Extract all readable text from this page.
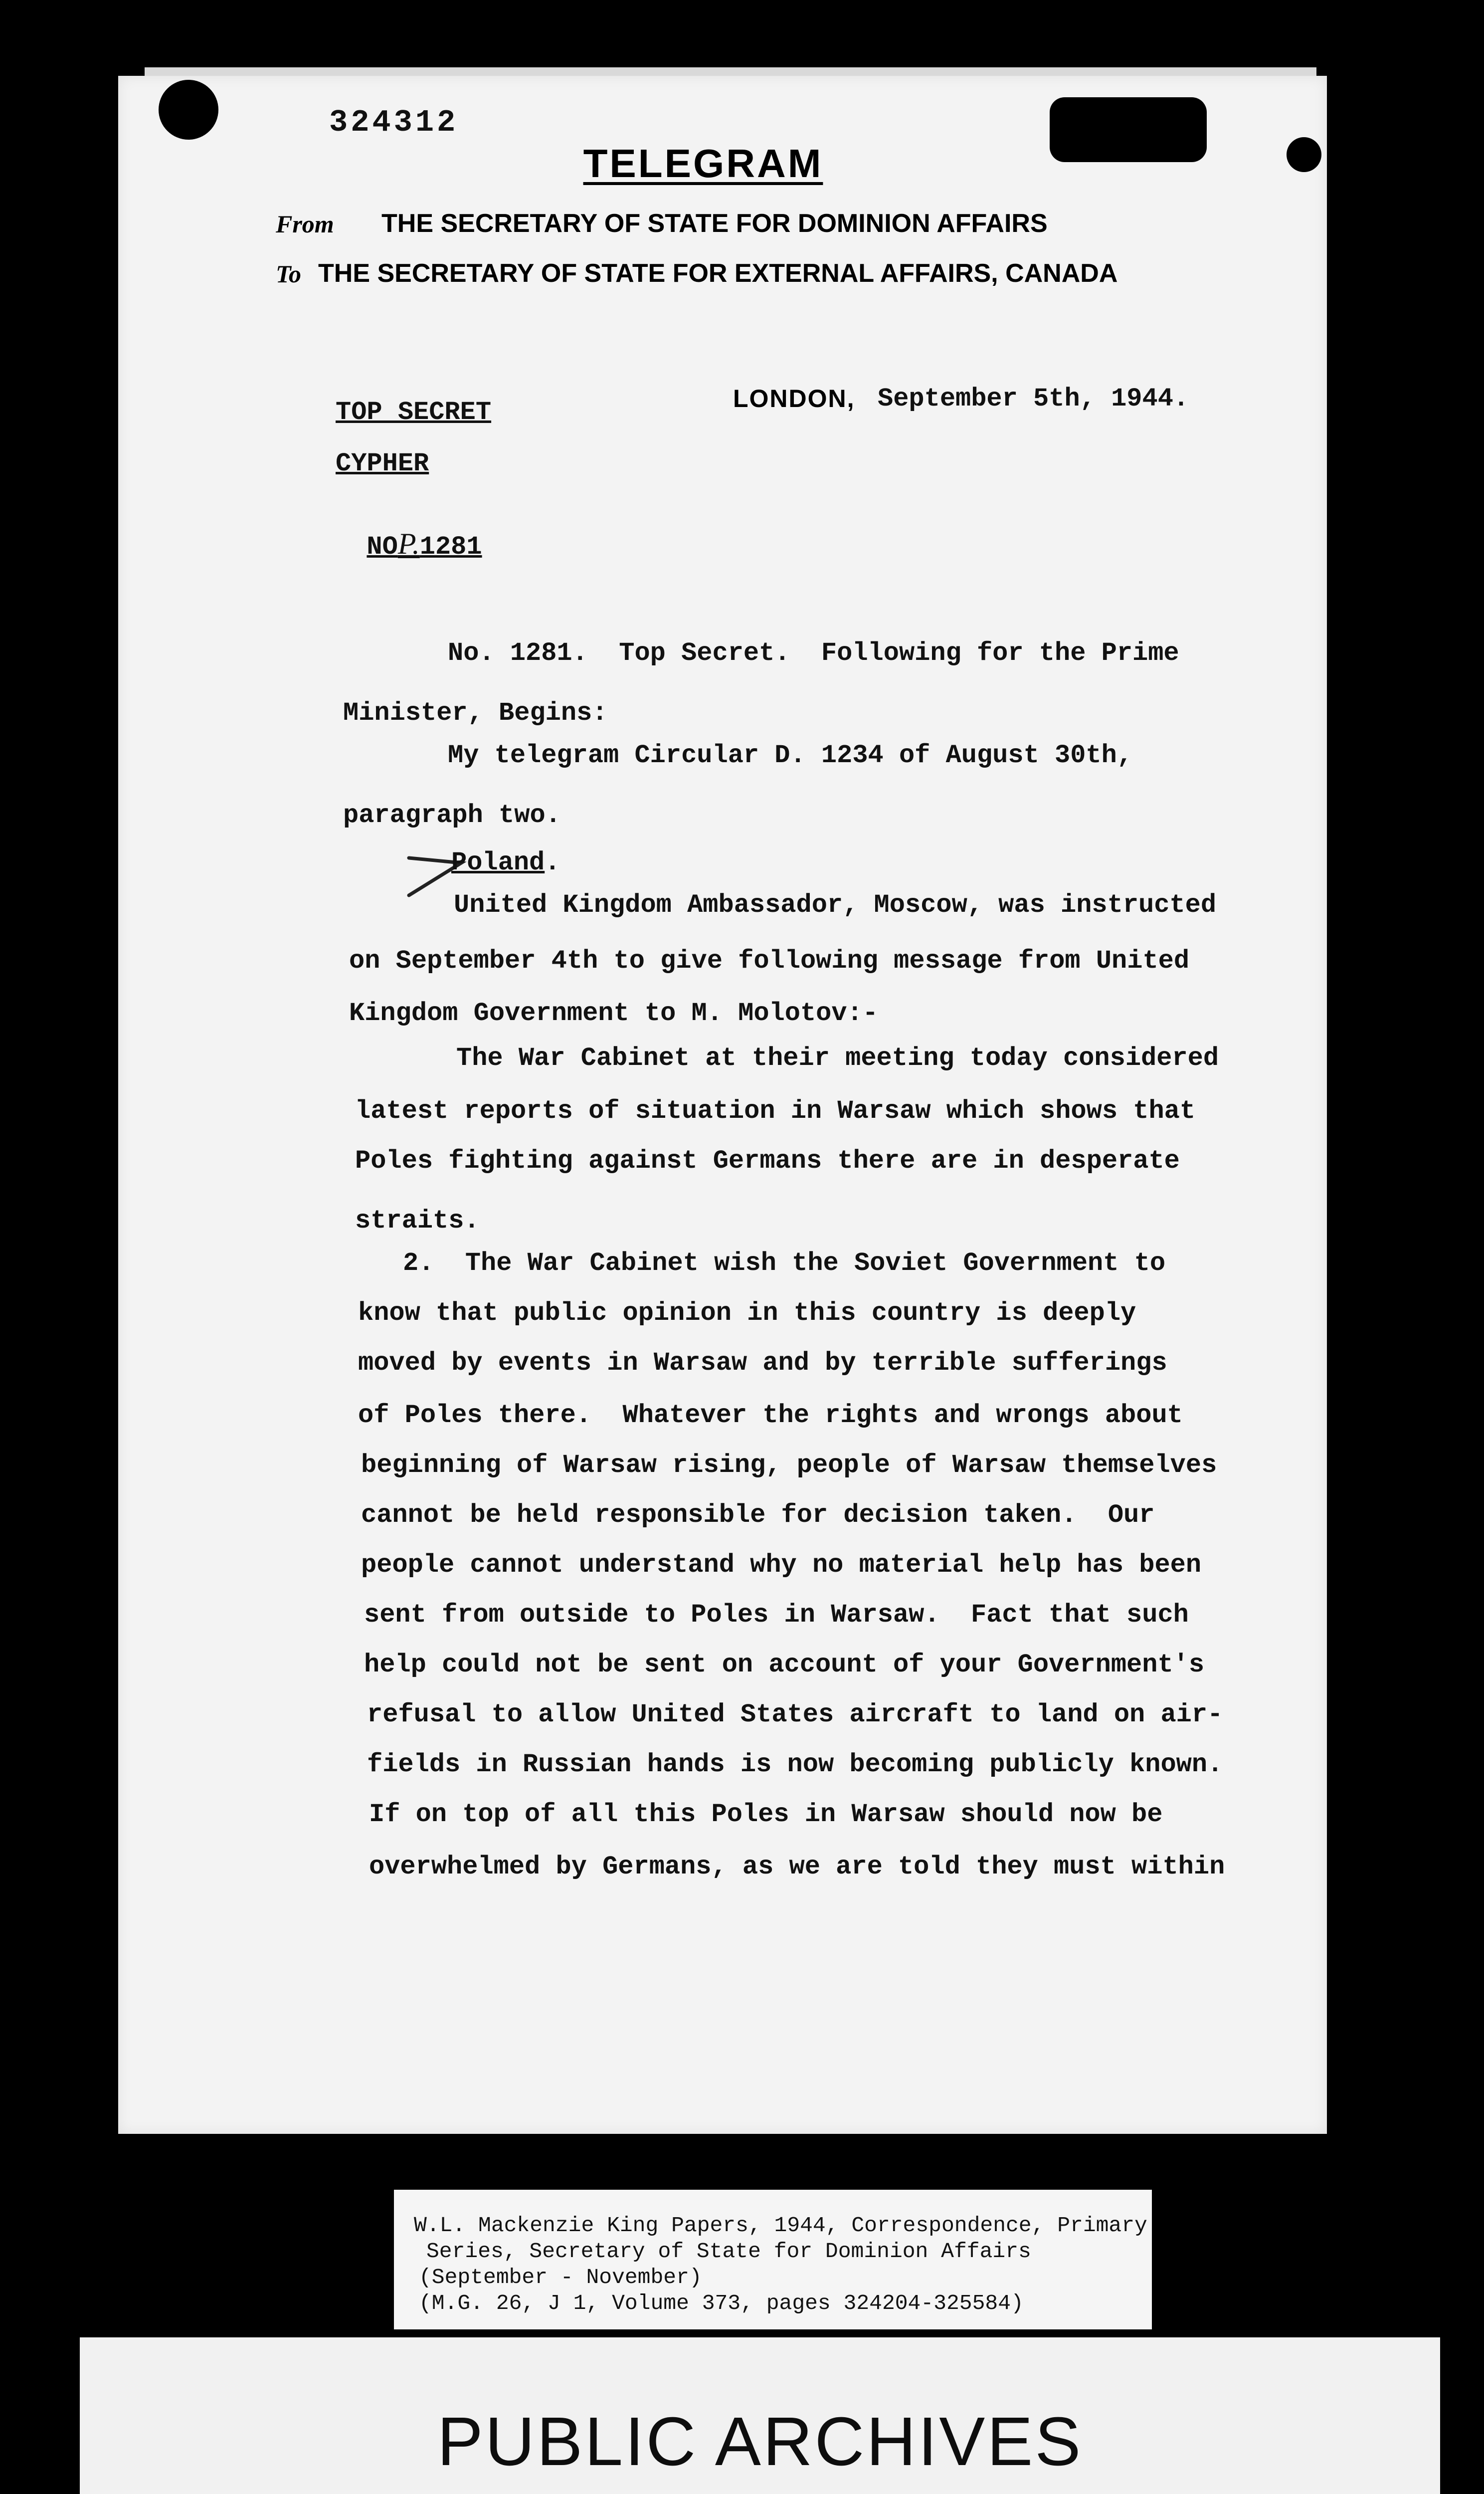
324312
TELEGRAM
From THE SECRETARY OF STATE FOR DOMINION AFFAIRS
To THE SECRETARY OF STATE FOR EXTERNAL AFFAIRS, CANADA
TOP SECRET
CYPHER

NOP.1281

LONDON, September 5th, 1944.
No. 1281.  Top Secret.  Following for the Prime
Minister, Begins:
My telegram Circular D. 1234 of August 30th,
paragraph two.
Poland.
United Kingdom Ambassador, Moscow, was instructed
on September 4th to give following message from United
Kingdom Government to M. Molotov:-
The War Cabinet at their meeting today considered
latest reports of situation in Warsaw which shows that
Poles fighting against Germans there are in desperate
straits.
2.  The War Cabinet wish the Soviet Government to
know that public opinion in this country is deeply
moved by events in Warsaw and by terrible sufferings
of Poles there.  Whatever the rights and wrongs about
beginning of Warsaw rising, people of Warsaw themselves
cannot be held responsible for decision taken.  Our
people cannot understand why no material help has been
sent from outside to Poles in Warsaw.  Fact that such
help could not be sent on account of your Government's
refusal to allow United States aircraft to land on air-
fields in Russian hands is now becoming publicly known.
If on top of all this Poles in Warsaw should now be
overwhelmed by Germans, as we are told they must within
W.L. Mackenzie King Papers, 1944, Correspondence, Primary
Series, Secretary of State for Dominion Affairs
(September - November)
(M.G. 26, J 1, Volume 373, pages 324204-325584)
PUBLIC ARCHIVES
